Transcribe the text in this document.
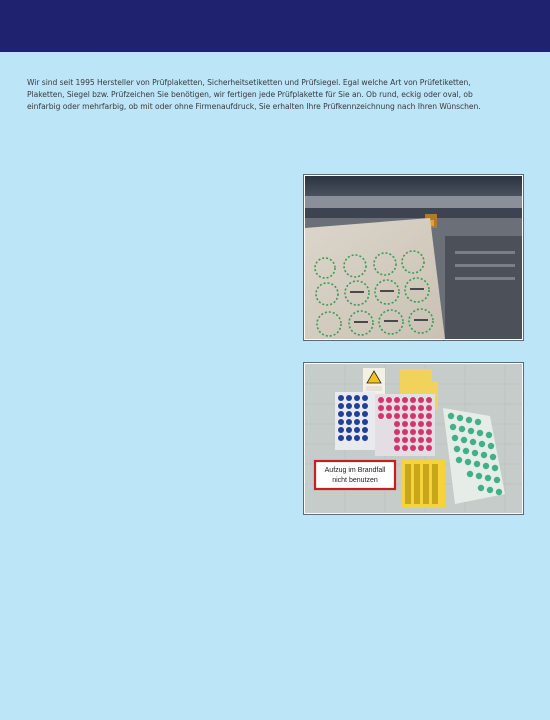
Wir sind seit 1995 Hersteller von Prüfplaketten, Sicherheitsetiketten und Prüfsiegel. Egal welche Art von Prüfetiketten,

Plaketten, Siegel bzw. Prüfzeichen Sie benötigen, wir fertigen jede Prüfplakette für Sie an. Ob rund, eckig oder oval, ob

einfarbig oder mehrfarbig, ob mit oder ohne Firmenaufdruck, Sie erhalten Ihre Prüfkennzeichnung nach Ihren Wünschen.

Aufzug im Brandfall
nicht benutzen
